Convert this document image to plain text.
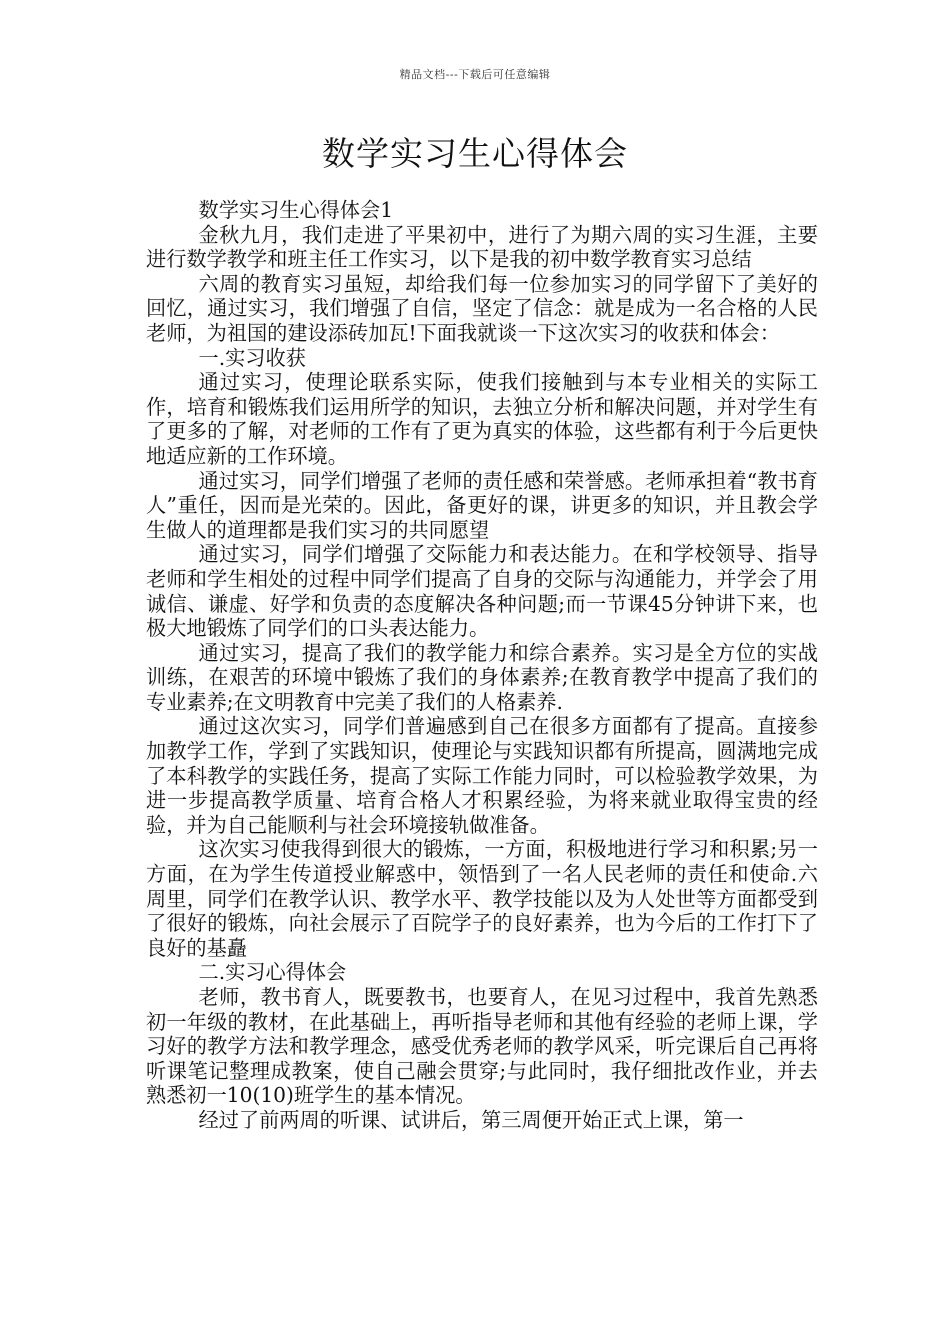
精品文档---下载后可任意编辑
数学实习生心得体会

数学实习生心得体会1

金秋九月，我们走进了平果初中，进行了为期六周的实习生涯，主要进行数学教学和班主任工作实习，以下是我的初中数学教育实习总结

六周的教育实习虽短，却给我们每一位参加实习的同学留下了美好的回忆，通过实习，我们增强了自信，坚定了信念：就是成为一名合格的人民老师，为祖国的建设添砖加瓦!下面我就谈一下这次实习的收获和体会：

一.实习收获

通过实习，使理论联系实际，使我们接触到与本专业相关的实际工作，培育和锻炼我们运用所学的知识，去独立分析和解决问题，并对学生有了更多的了解，对老师的工作有了更为真实的体验，这些都有利于今后更快地适应新的工作环境。

通过实习，同学们增强了老师的责任感和荣誉感。老师承担着“教书育人”重任，因而是光荣的。因此，备更好的课，讲更多的知识，并且教会学生做人的道理都是我们实习的共同愿望

通过实习，同学们增强了交际能力和表达能力。在和学校领导、指导老师和学生相处的过程中同学们提高了自身的交际与沟通能力，并学会了用诚信、谦虚、好学和负责的态度解决各种问题;而一节课45分钟讲下来，也极大地锻炼了同学们的口头表达能力。

通过实习，提高了我们的教学能力和综合素养。实习是全方位的实战训练，在艰苦的环境中锻炼了我们的身体素养;在教育教学中提高了我们的专业素养;在文明教育中完美了我们的人格素养.

通过这次实习，同学们普遍感到自己在很多方面都有了提高。直接参加教学工作，学到了实践知识，使理论与实践知识都有所提高，圆满地完成了本科教学的实践任务，提高了实际工作能力同时，可以检验教学效果，为进一步提高教学质量、培育合格人才积累经验，为将来就业取得宝贵的经验，并为自己能顺利与社会环境接轨做准备。

这次实习使我得到很大的锻炼，一方面，积极地进行学习和积累;另一方面，在为学生传道授业解惑中，领悟到了一名人民老师的责任和使命.六周里，同学们在教学认识、教学水平、教学技能以及为人处世等方面都受到了很好的锻炼，向社会展示了百院学子的良好素养，也为今后的工作打下了良好的基矗

二.实习心得体会

老师，教书育人，既要教书，也要育人，在见习过程中，我首先熟悉初一年级的教材，在此基础上，再听指导老师和其他有经验的老师上课，学习好的教学方法和教学理念，感受优秀老师的教学风采，听完课后自己再将听课笔记整理成教案，使自己融会贯穿;与此同时，我仔细批改作业，并去熟悉初一10(10)班学生的基本情况。

经过了前两周的听课、试讲后，第三周便开始正式上课，第一
